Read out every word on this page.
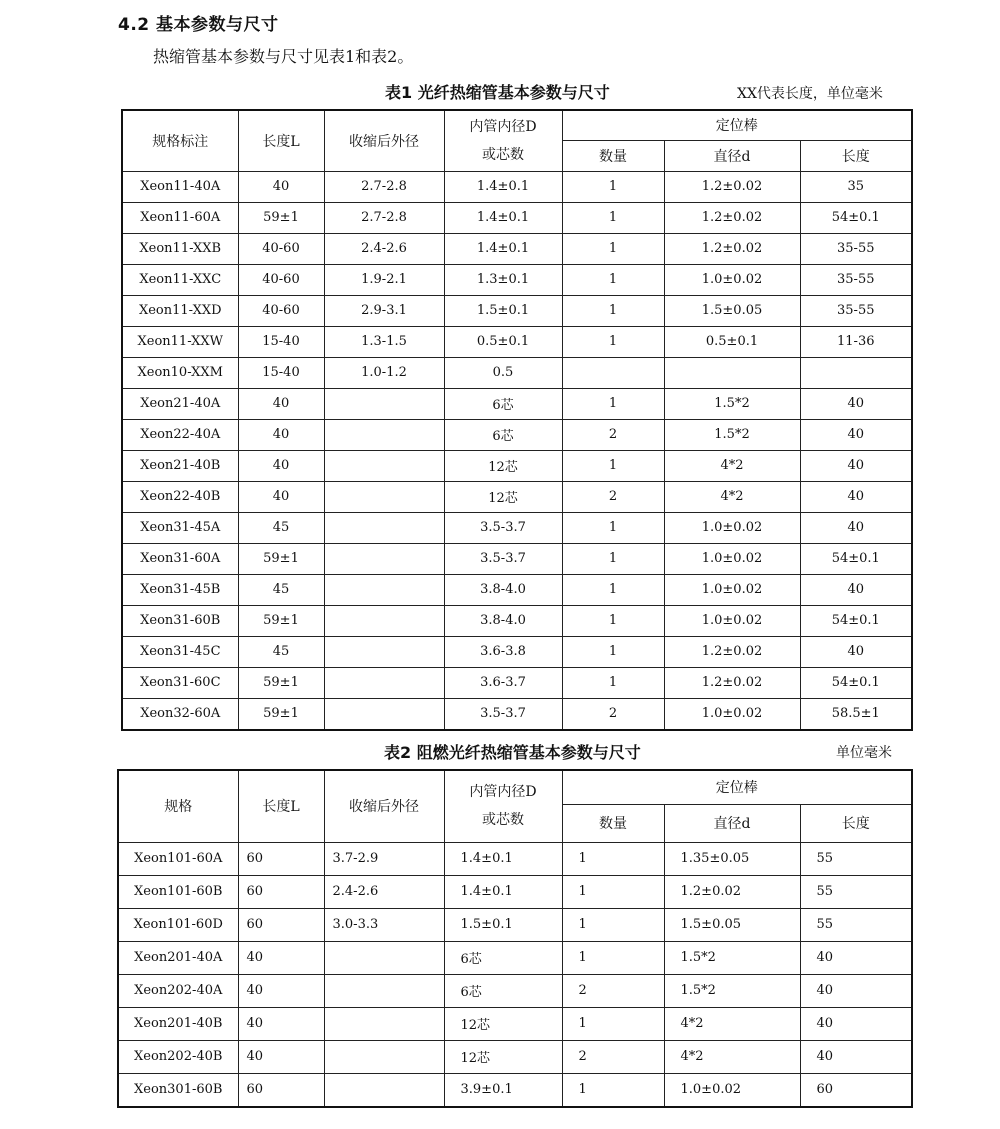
4.2 基本参数与尺寸
热缩管基本参数与尺寸见表1和表2。
表1 光纤热缩管基本参数与尺寸	XX代表长度，单位毫米
规格标注	长度L	收缩后外径	内管内径D
或芯数	定位棒		
				数量	直径d	长度
Xeon11-40A	40	2.7-2.8	1.4±0.1	1	1.2±0.02	35
Xeon11-60A	59±1	2.7-2.8	1.4±0.1	1	1.2±0.02	54±0.1
Xeon11-XXB	40-60	2.4-2.6	1.4±0.1	1	1.2±0.02	35-55
Xeon11-XXC	40-60	1.9-2.1	1.3±0.1	1	1.0±0.02	35-55
Xeon11-XXD	40-60	2.9-3.1	1.5±0.1	1	1.5±0.05	35-55
Xeon11-XXW	15-40	1.3-1.5	0.5±0.1	1	0.5±0.1	11-36
Xeon10-XXM	15-40	1.0-1.2	0.5			
Xeon21-40A	40		6芯	1	1.5*2	40
Xeon22-40A	40		6芯	2	1.5*2	40
Xeon21-40B	40		12芯	1	4*2	40
Xeon22-40B	40		12芯	2	4*2	40
Xeon31-45A	45		3.5-3.7	1	1.0±0.02	40
Xeon31-60A	59±1		3.5-3.7	1	1.0±0.02	54±0.1
Xeon31-45B	45		3.8-4.0	1	1.0±0.02	40
Xeon31-60B	59±1		3.8-4.0	1	1.0±0.02	54±0.1
Xeon31-45C	45		3.6-3.8	1	1.2±0.02	40
Xeon31-60C	59±1		3.6-3.7	1	1.2±0.02	54±0.1
Xeon32-60A	59±1		3.5-3.7	2	1.0±0.02	58.5±1
表2 阻燃光纤热缩管基本参数与尺寸	单位毫米
规格	长度L	收缩后外径	内管内径D
或芯数	定位棒		
				数量	直径d	长度
Xeon101-60A	60	3.7-2.9	1.4±0.1	1	1.35±0.05	55
Xeon101-60B	60	2.4-2.6	1.4±0.1	1	1.2±0.02	55
Xeon101-60D	60	3.0-3.3	1.5±0.1	1	1.5±0.05	55
Xeon201-40A	40		6芯	1	1.5*2	40
Xeon202-40A	40		6芯	2	1.5*2	40
Xeon201-40B	40		12芯	1	4*2	40
Xeon202-40B	40		12芯	2	4*2	40
Xeon301-60B	60		3.9±0.1	1	1.0±0.02	60
